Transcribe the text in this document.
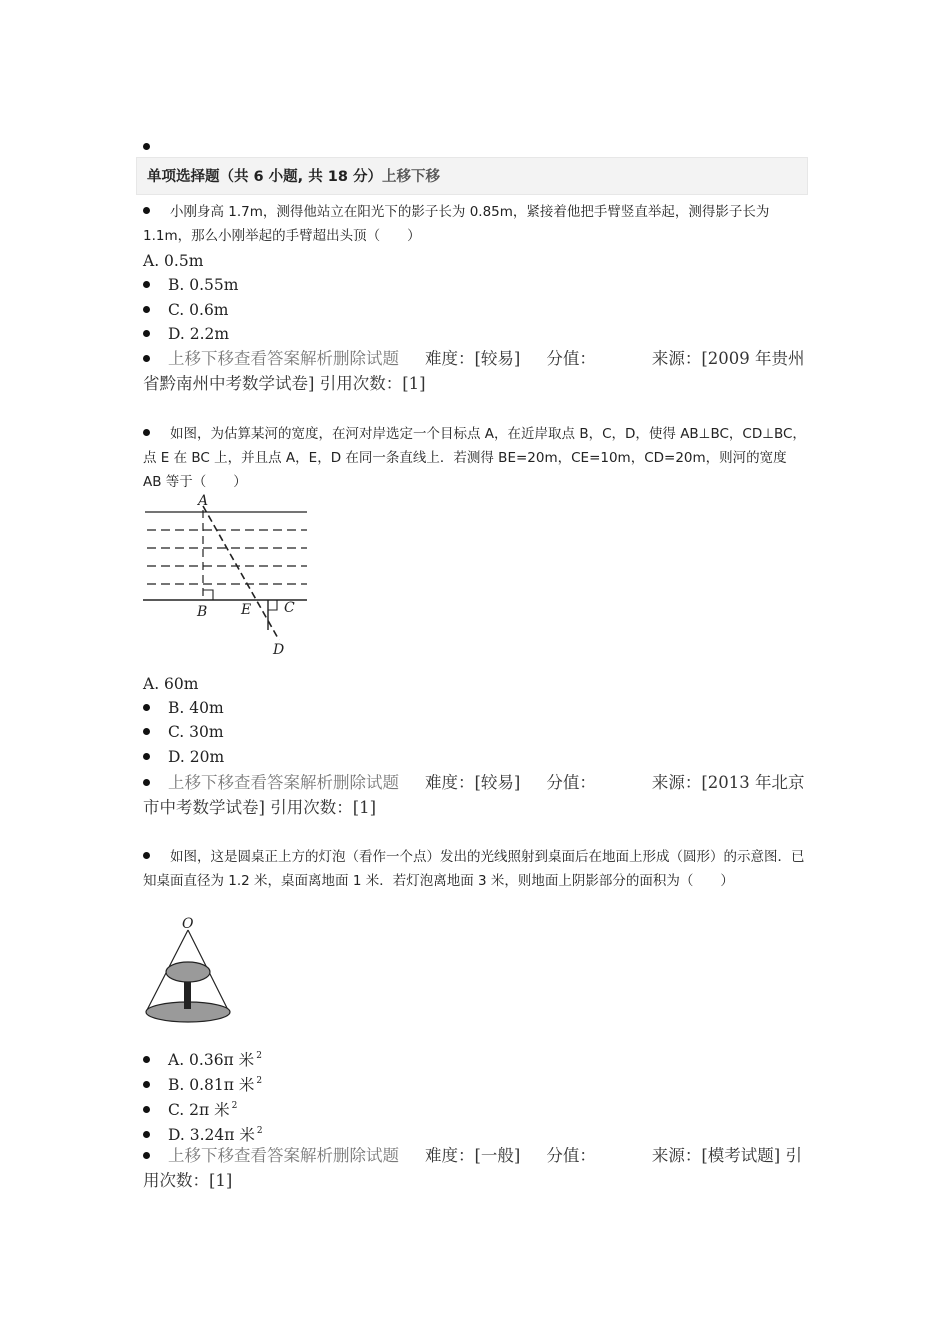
单项选择题（共 6 小题, 共 18 分）上移下移
小刚身高 1.7m，测得他站立在阳光下的影子长为 0.85m，紧接着他把手臂竖直举起，测得影子长为 1.1m，那么小刚举起的手臂超出头顶（　　）
A. 0.5m
B. 0.55m
C. 0.6m
D. 2.2m
上移下移查看答案解析删除试题 难度：[较易] 分值：	来源：[2009 年贵州省黔南州中考数学试卷] 引用次数：[1]
如图，为估算某河的宽度，在河对岸选定一个目标点 A，在近岸取点 B，C，D，使得 AB⊥BC，CD⊥BC，点 E 在 BC 上，并且点 A，E，D 在同一条直线上．若测得 BE=20m，CE=10m，CD=20m，则河的宽度 AB 等于（　　）
A
B E C
D
A. 60m
B. 40m
C. 30m
D. 20m
上移下移查看答案解析删除试题 难度：[较易] 分值：	来源：[2013 年北京市中考数学试卷] 引用次数：[1]
如图，这是圆桌正上方的灯泡（看作一个点）发出的光线照射到桌面后在地面上形成（圆形）的示意图．已知桌面直径为 1.2 米，桌面离地面 1 米．若灯泡离地面 3 米，则地面上阴影部分的面积为（　　）
O
A. 0.36π 米 $^2$
B. 0.81π 米 $^2$
C. 2π 米 $^2$
D. 3.24π 米 $^2$
上移下移查看答案解析删除试题 难度：[一般] 分值：	来源：[模考试题] 引用次数：[1]
